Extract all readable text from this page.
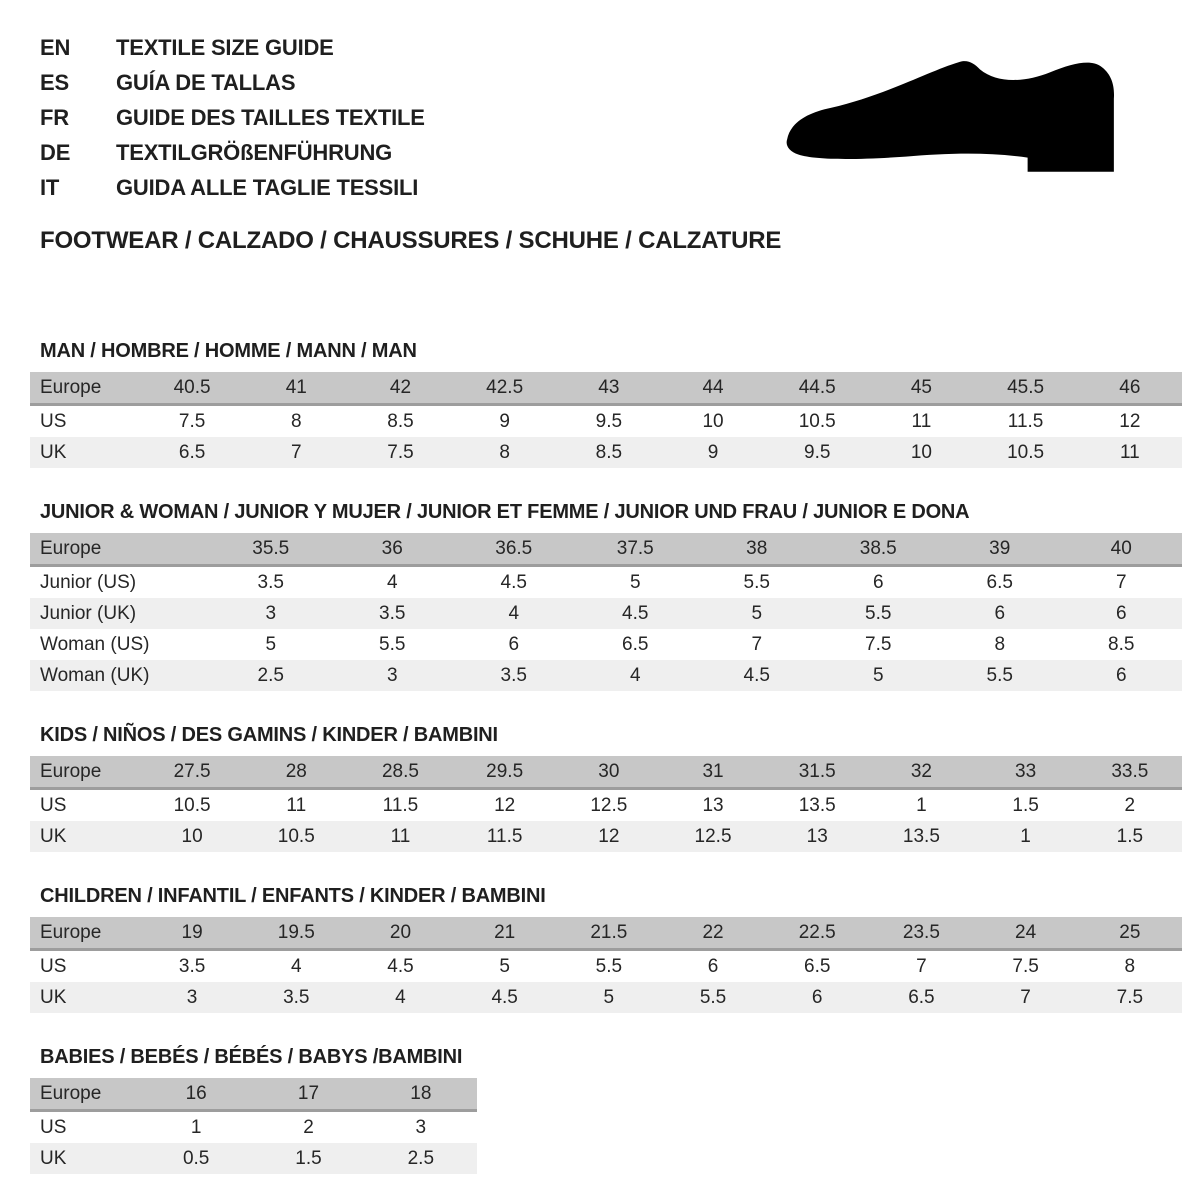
EN TEXTILE SIZE GUIDE
ES GUÍA DE TALLAS
FR GUIDE DES TAILLES TEXTILE
DE TEXTILGRÖßENFÜHRUNG
IT	GUIDA ALLE TAGLIE TESSILI
FOOTWEAR / CALZADO / CHAUSSURES / SCHUHE / CALZATURE
MAN / HOMBRE / HOMME / MANN / MAN
Europe	40.5	41	42	42.5	43	44	44.5	45	45.5	46
US	7.5	8	8.5	9	9.5	10	10.5	11	11.5	12
UK	6.5	7	7.5	8	8.5	9	9.5	10	10.5	11
JUNIOR & WOMAN / JUNIOR Y MUJER / JUNIOR ET FEMME / JUNIOR UND FRAU / JUNIOR E DONA
Europe	35.5	36	36.5	37.5	38	38.5	39	40
Junior (US)	3.5	4	4.5	5	5.5	6	6.5	7
Junior (UK)	3	3.5	4	4.5	5	5.5	6	6
Woman (US)	5	5.5	6	6.5	7	7.5	8	8.5
Woman (UK)	2.5	3	3.5	4	4.5	5	5.5	6
KIDS / NIÑOS / DES GAMINS / KINDER / BAMBINI
Europe	27.5	28	28.5	29.5	30	31	31.5	32	33	33.5
US	10.5	11	11.5	12	12.5	13	13.5	1	1.5	2
UK	10	10.5	11	11.5	12	12.5	13	13.5	1	1.5
CHILDREN / INFANTIL / ENFANTS / KINDER / BAMBINI
Europe	19	19.5	20	21	21.5	22	22.5	23.5	24	25
US	3.5	4	4.5	5	5.5	6	6.5	7	7.5	8
UK	3	3.5	4	4.5	5	5.5	6	6.5	7	7.5
BABIES / BEBÉS / BÉBÉS / BABYS /BAMBINI
Europe	16	17	18
US	1	2	3
UK	0.5	1.5	2.5
